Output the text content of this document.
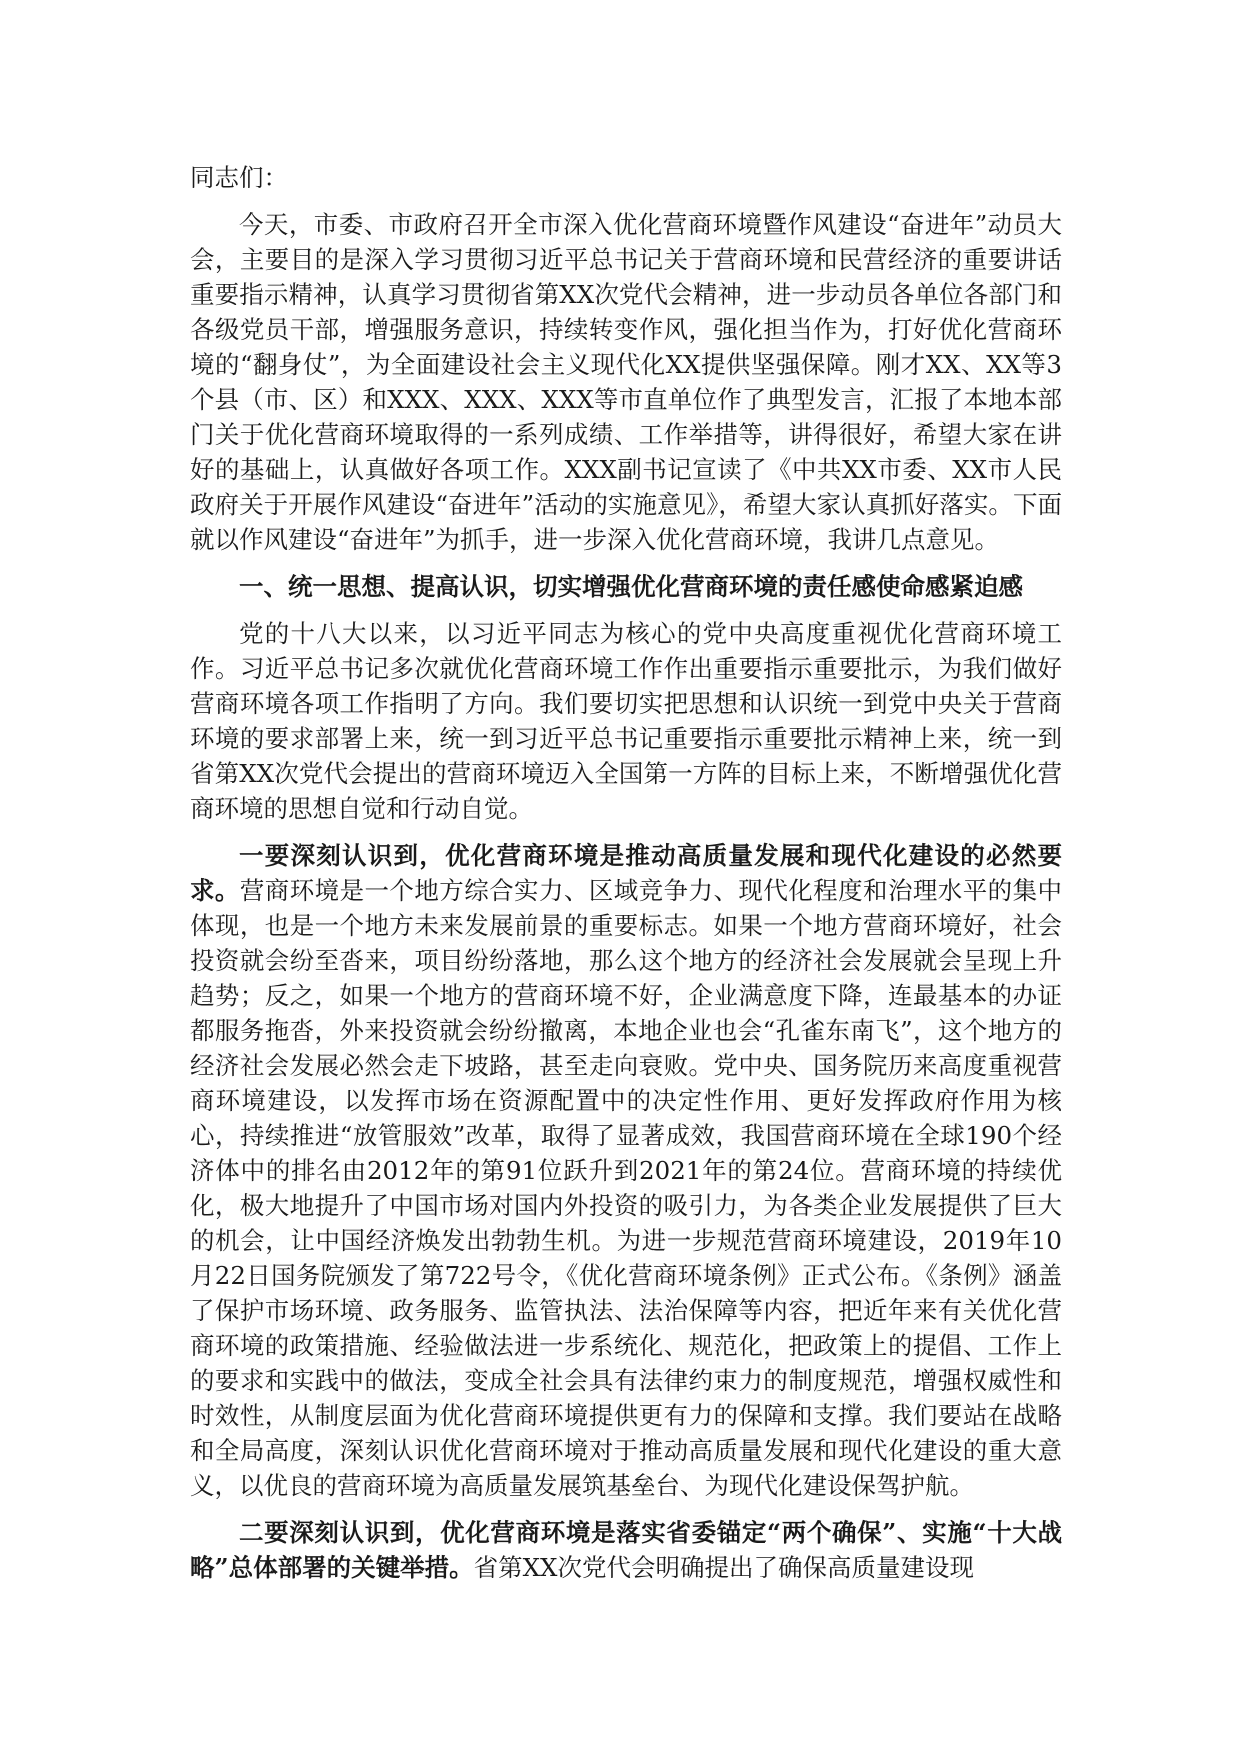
同志们：

今天，市委、市政府召开全市深入优化营商环境暨作风建设“奋进年”动员大会，主要目的是深入学习贯彻习近平总书记关于营商环境和民营经济的重要讲话重要指示精神，认真学习贯彻省第XX次党代会精神，进一步动员各单位各部门和各级党员干部，增强服务意识，持续转变作风，强化担当作为，打好优化营商环境的“翻身仗”，为全面建设社会主义现代化XX提供坚强保障。刚才XX、XX等3个县（市、区）和XXX、XXX、XXX等市直单位作了典型发言，汇报了本地本部门关于优化营商环境取得的一系列成绩、工作举措等，讲得很好，希望大家在讲好的基础上，认真做好各项工作。XXX副书记宣读了《中共XX市委、XX市人民政府关于开展作风建设“奋进年”活动的实施意见》，希望大家认真抓好落实。下面就以作风建设“奋进年”为抓手，进一步深入优化营商环境，我讲几点意见。

一、统一思想、提高认识，切实增强优化营商环境的责任感使命感紧迫感

党的十八大以来，以习近平同志为核心的党中央高度重视优化营商环境工作。习近平总书记多次就优化营商环境工作作出重要指示重要批示，为我们做好营商环境各项工作指明了方向。我们要切实把思想和认识统一到党中央关于营商环境的要求部署上来，统一到习近平总书记重要指示重要批示精神上来，统一到省第XX次党代会提出的营商环境迈入全国第一方阵的目标上来，不断增强优化营商环境的思想自觉和行动自觉。

一要深刻认识到，优化营商环境是推动高质量发展和现代化建设的必然要求。营商环境是一个地方综合实力、区域竞争力、现代化程度和治理水平的集中体现，也是一个地方未来发展前景的重要标志。如果一个地方营商环境好，社会投资就会纷至沓来，项目纷纷落地，那么这个地方的经济社会发展就会呈现上升趋势；反之，如果一个地方的营商环境不好，企业满意度下降，连最基本的办证都服务拖沓，外来投资就会纷纷撤离，本地企业也会“孔雀东南飞”，这个地方的经济社会发展必然会走下坡路，甚至走向衰败。党中央、国务院历来高度重视营商环境建设，以发挥市场在资源配置中的决定性作用、更好发挥政府作用为核心，持续推进“放管服效”改革，取得了显著成效，我国营商环境在全球190个经济体中的排名由2012年的第91位跃升到2021年的第24位。营商环境的持续优化，极大地提升了中国市场对国内外投资的吸引力，为各类企业发展提供了巨大的机会，让中国经济焕发出勃勃生机。为进一步规范营商环境建设，2019年10月22日国务院颁发了第722号令，《优化营商环境条例》正式公布。《条例》涵盖了保护市场环境、政务服务、监管执法、法治保障等内容，把近年来有关优化营商环境的政策措施、经验做法进一步系统化、规范化，把政策上的提倡、工作上的要求和实践中的做法，变成全社会具有法律约束力的制度规范，增强权威性和时效性，从制度层面为优化营商环境提供更有力的保障和支撑。我们要站在战略和全局高度，深刻认识优化营商环境对于推动高质量发展和现代化建设的重大意义，以优良的营商环境为高质量发展筑基垒台、为现代化建设保驾护航。

二要深刻认识到，优化营商环境是落实省委锚定“两个确保”、实施“十大战略”总体部署的关键举措。省第XX次党代会明确提出了确保高质量建设现
